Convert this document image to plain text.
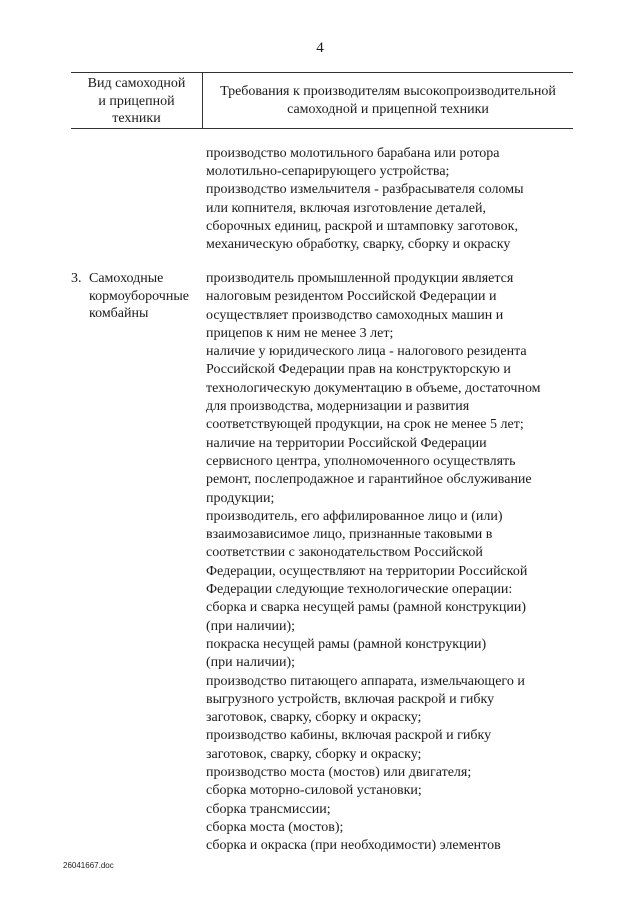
4
Вид самоходной
и прицепной
техники
Требования к производителям высокопроизводительной
самоходной и прицепной техники
производство молотильного барабана или ротора
молотильно-сепарирующего устройства;
производство измельчителя - разбрасывателя соломы
или копнителя, включая изготовление деталей,
сборочных единиц, раскрой и штамповку заготовок,
механическую обработку, сварку, сборку и окраску
3. Самоходные
кормоуборочные
комбайны
производитель промышленной продукции является
налоговым резидентом Российской Федерации и
осуществляет производство самоходных машин и
прицепов к ним не менее 3 лет;
наличие у юридического лица - налогового резидента
Российской Федерации прав на конструкторскую и
технологическую документацию в объеме, достаточном
для производства, модернизации и развития
соответствующей продукции, на срок не менее 5 лет;
наличие на территории Российской Федерации
сервисного центра, уполномоченного осуществлять
ремонт, послепродажное и гарантийное обслуживание
продукции;
производитель, его аффилированное лицо и (или)
взаимозависимое лицо, признанные таковыми в
соответствии с законодательством Российской
Федерации, осуществляют на территории Российской
Федерации следующие технологические операции:
сборка и сварка несущей рамы (рамной конструкции)
(при наличии);
покраска несущей рамы (рамной конструкции)
(при наличии);
производство питающего аппарата, измельчающего и
выгрузного устройств, включая раскрой и гибку
заготовок, сварку, сборку и окраску;
производство кабины, включая раскрой и гибку
заготовок, сварку, сборку и окраску;
производство моста (мостов) или двигателя;
сборка моторно-силовой установки;
сборка трансмиссии;
сборка моста (мостов);
сборка и окраска (при необходимости) элементов
26041667.doc
